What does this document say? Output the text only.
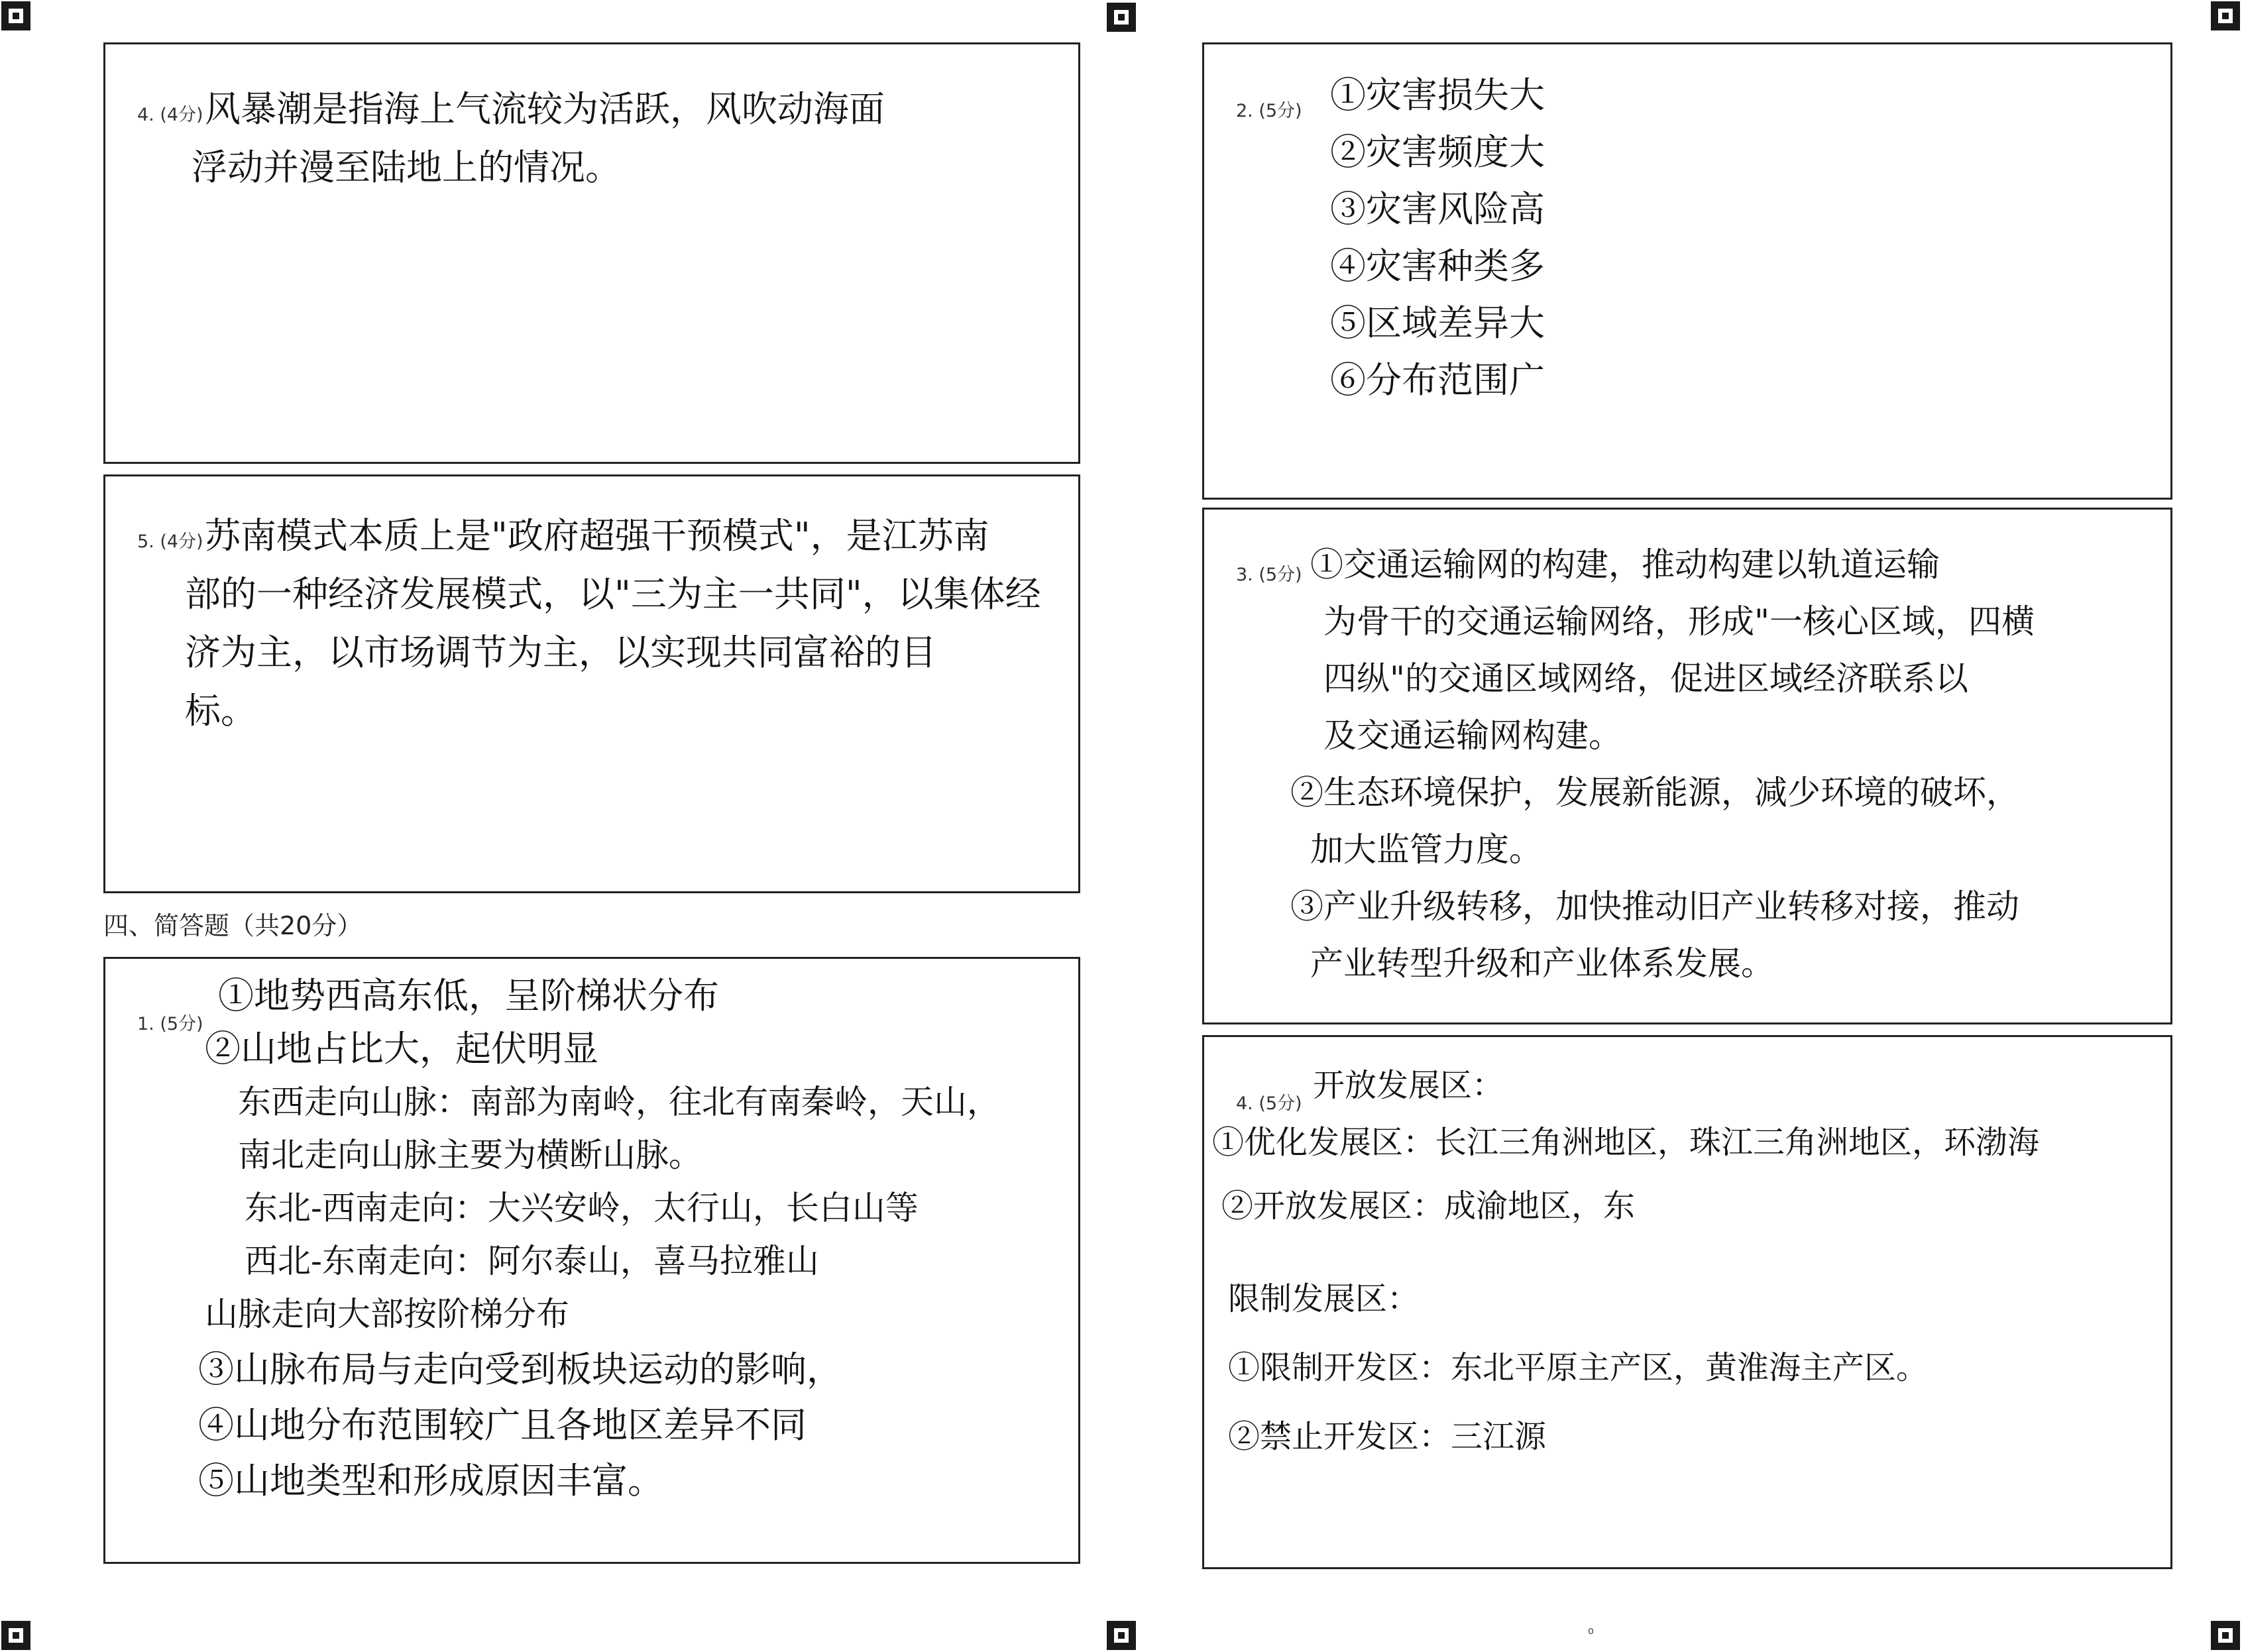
4. (4分) 风暴潮是指海上气流较为活跃，风吹动海面
浮动并漫至陆地上的情况。
5. (4分) 苏南模式本质上是"政府超强干预模式"，是江苏南
部的一种经济发展模式，以"三为主一共同"，以集体经
济为主，以市场调节为主，以实现共同富裕的目
标。
四、简答题（共20分）
1. (5分)
①地势西高东低，呈阶梯状分布
②山地占比大，起伏明显
东西走向山脉：南部为南岭，往北有南秦岭，天山，
南北走向山脉主要为横断山脉。
东北-西南走向：大兴安岭，太行山，长白山等
西北-东南走向：阿尔泰山，喜马拉雅山
山脉走向大部按阶梯分布
③山脉布局与走向受到板块运动的影响，
④山地分布范围较广且各地区差异不同
⑤山地类型和形成原因丰富。
2. (5分) ①灾害损失大
②灾害频度大
③灾害风险高
④灾害种类多
⑤区域差异大
⑥分布范围广
3. (5分) ①交通运输网的构建，推动构建以轨道运输
为骨干的交通运输网络，形成"一核心区域，四横
四纵"的交通区域网络，促进区域经济联系以
及交通运输网构建。
②生态环境保护，发展新能源，减少环境的破坏，
加大监管力度。
③产业升级转移，加快推动旧产业转移对接，推动
产业转型升级和产业体系发展。
4. (5分) 开放发展区：
①优化发展区：长江三角洲地区，珠江三角洲地区，环渤海
②开放发展区：成渝地区，东
限制发展区：
①限制开发区：东北平原主产区，黄淮海主产区。
②禁止开发区：三江源
⁰
